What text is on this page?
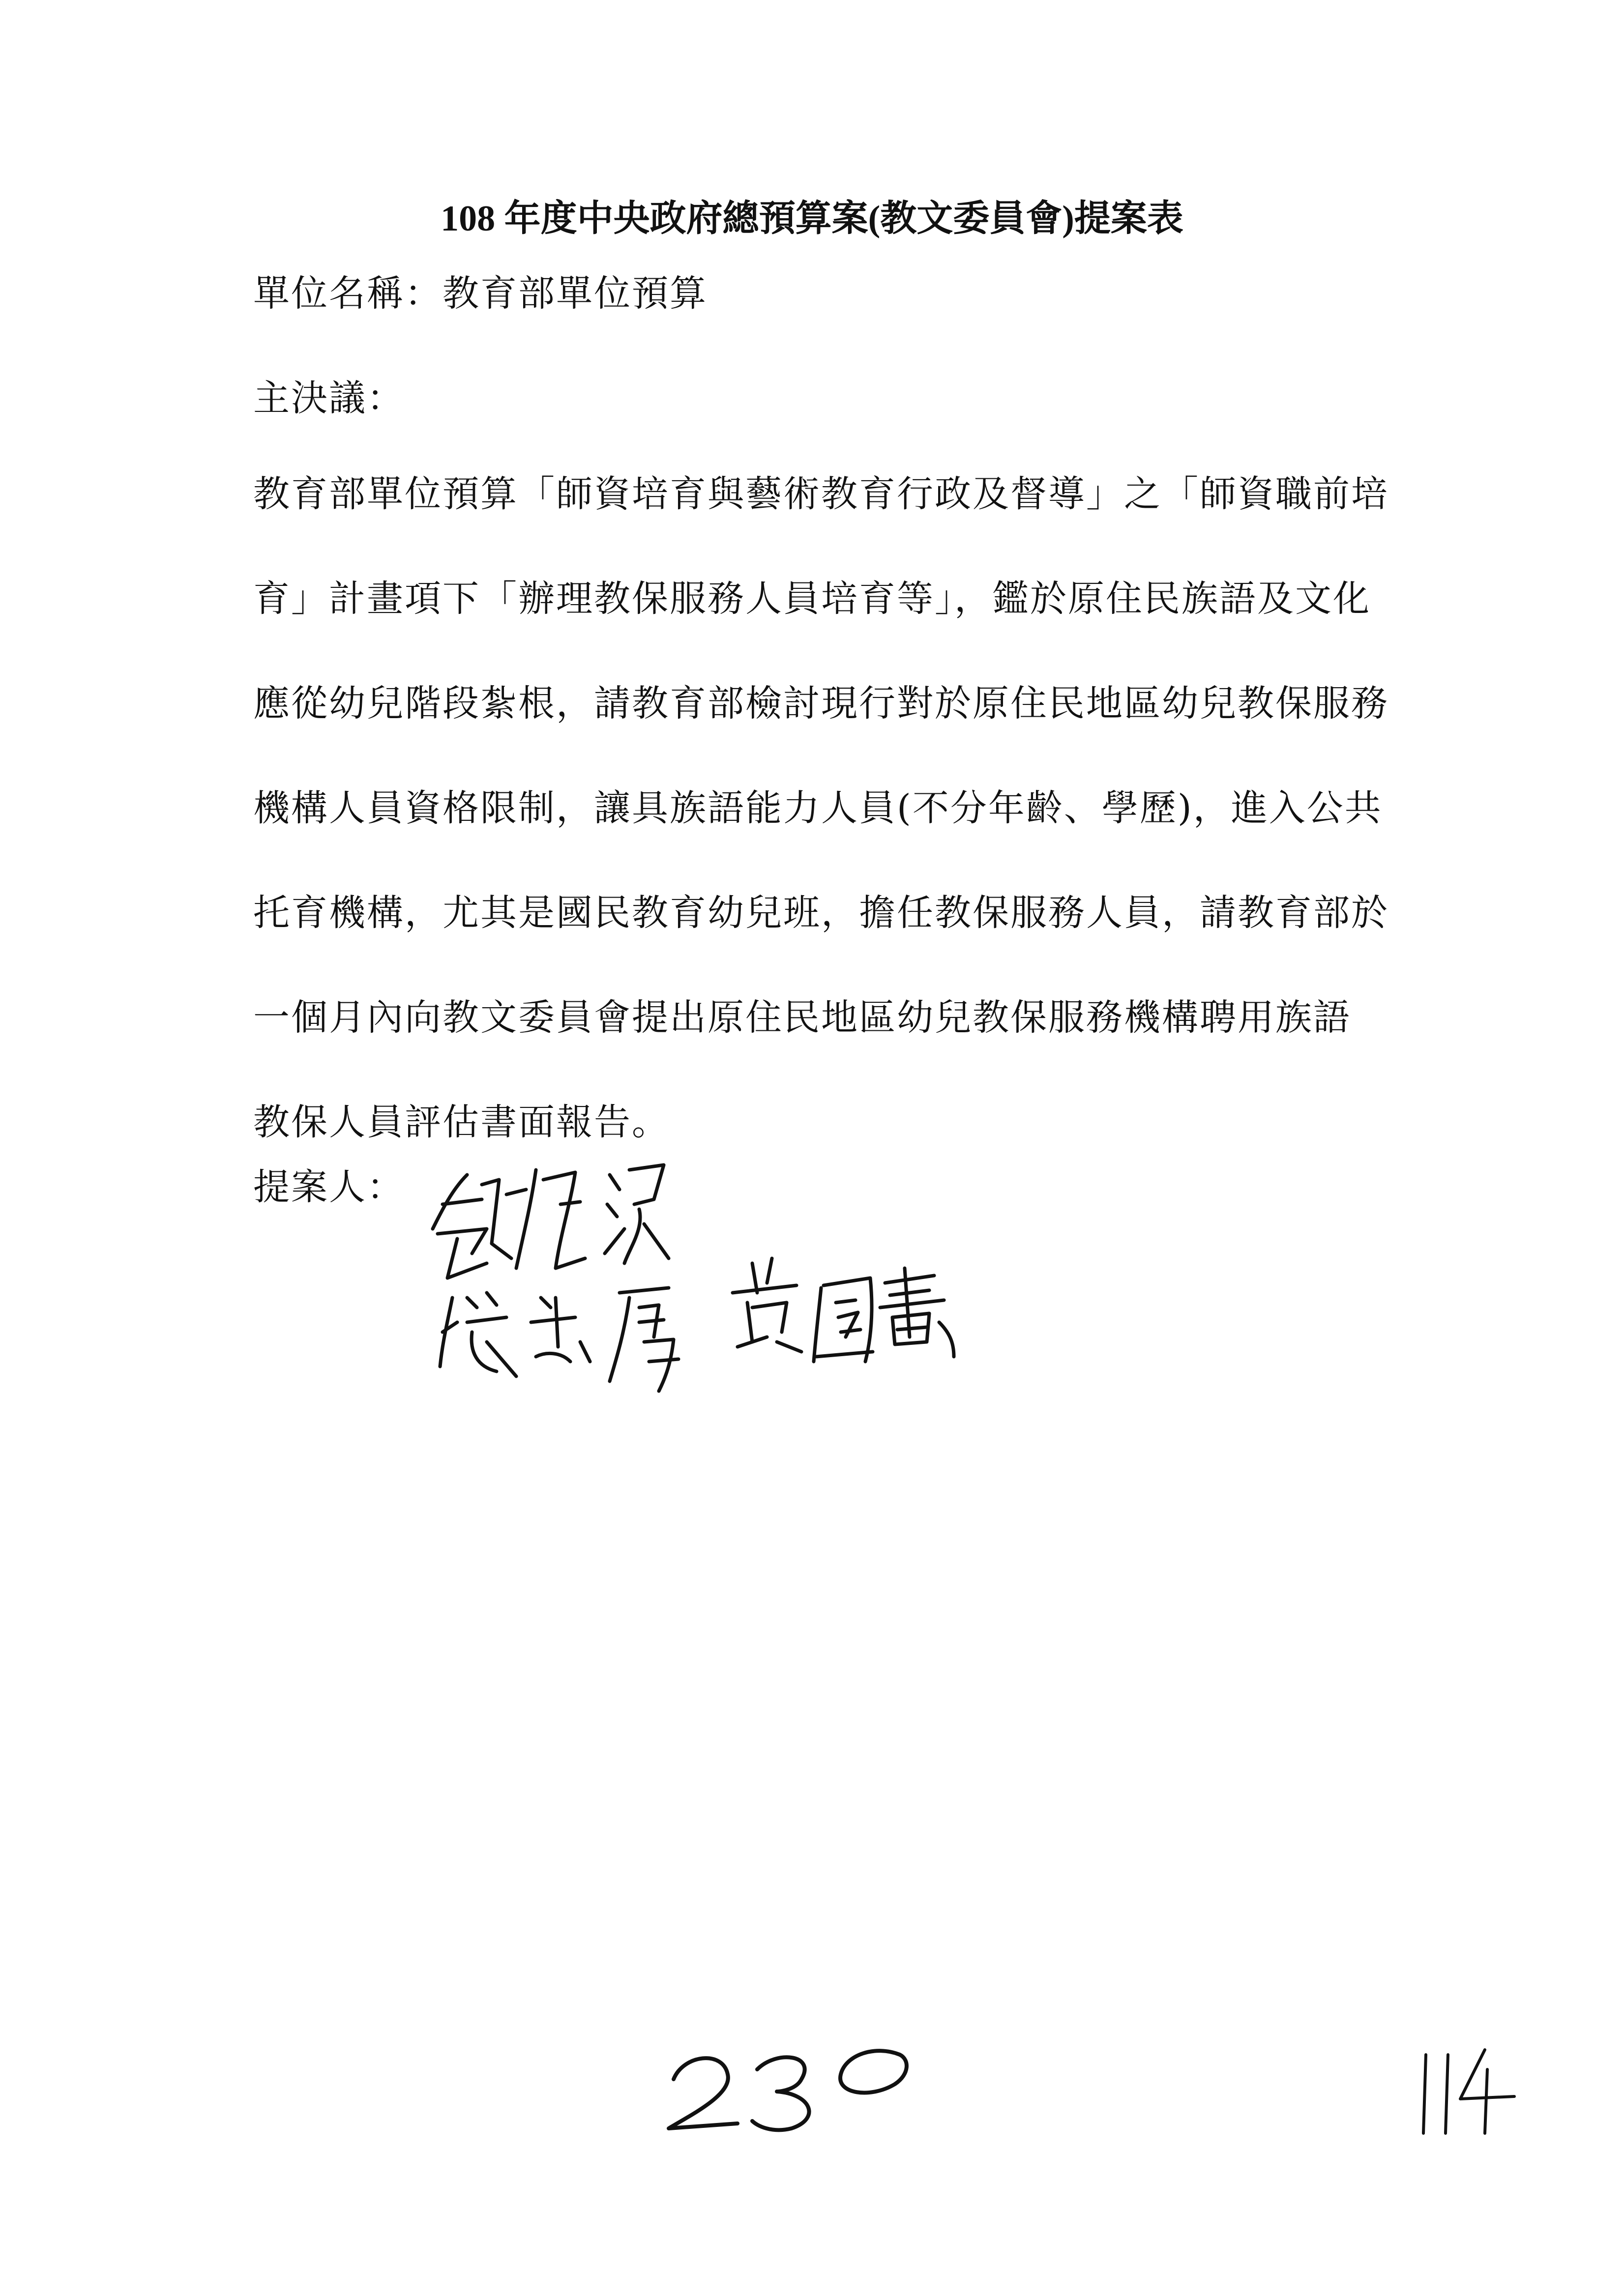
108 年度中央政府總預算案(教文委員會)提案表
單位名稱：教育部單位預算
主決議：
教育部單位預算「師資培育與藝術教育行政及督導」之「師資職前培
育」計畫項下「辦理教保服務人員培育等」，鑑於原住民族語及文化
應從幼兒階段紮根，請教育部檢討現行對於原住民地區幼兒教保服務
機構人員資格限制，讓具族語能力人員(不分年齡、學歷)，進入公共
托育機構，尤其是國民教育幼兒班，擔任教保服務人員，請教育部於
一個月內向教文委員會提出原住民地區幼兒教保服務機構聘用族語
教保人員評估書面報告。
提案人：
